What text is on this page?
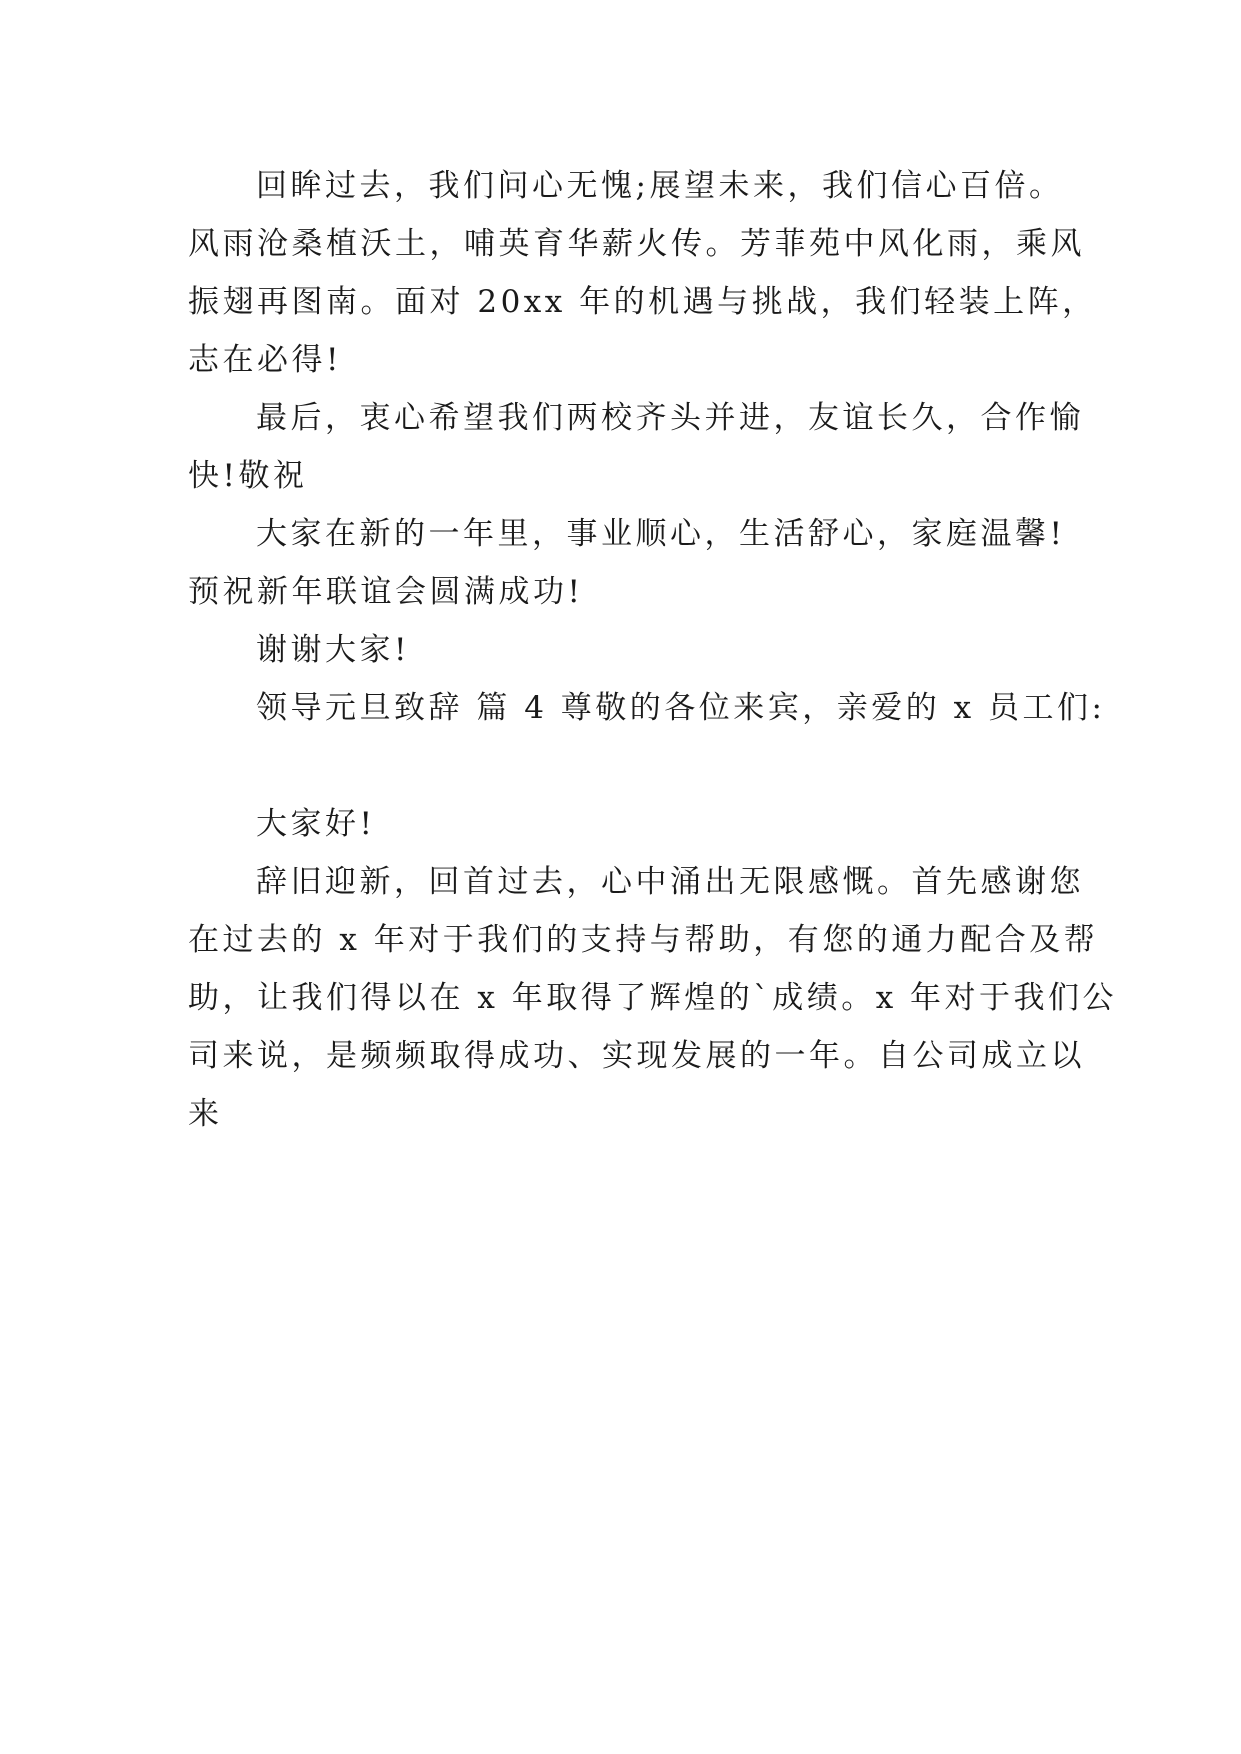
回眸过去，我们问心无愧;展望未来，我们信心百倍。
风雨沧桑植沃土，哺英育华薪火传。芳菲苑中风化雨，乘风
振翅再图南。面对 20xx 年的机遇与挑战，我们轻装上阵，
志在必得!
最后，衷心希望我们两校齐头并进，友谊长久，合作愉
快!敬祝
大家在新的一年里，事业顺心，生活舒心，家庭温馨!
预祝新年联谊会圆满成功!
谢谢大家!
领导元旦致辞 篇 4 尊敬的各位来宾，亲爱的 x 员工们:
大家好!
辞旧迎新，回首过去，心中涌出无限感慨。首先感谢您
在过去的 x 年对于我们的支持与帮助，有您的通力配合及帮
助，让我们得以在 x 年取得了辉煌的`成绩。x 年对于我们公
司来说，是频频取得成功、实现发展的一年。自公司成立以
来
